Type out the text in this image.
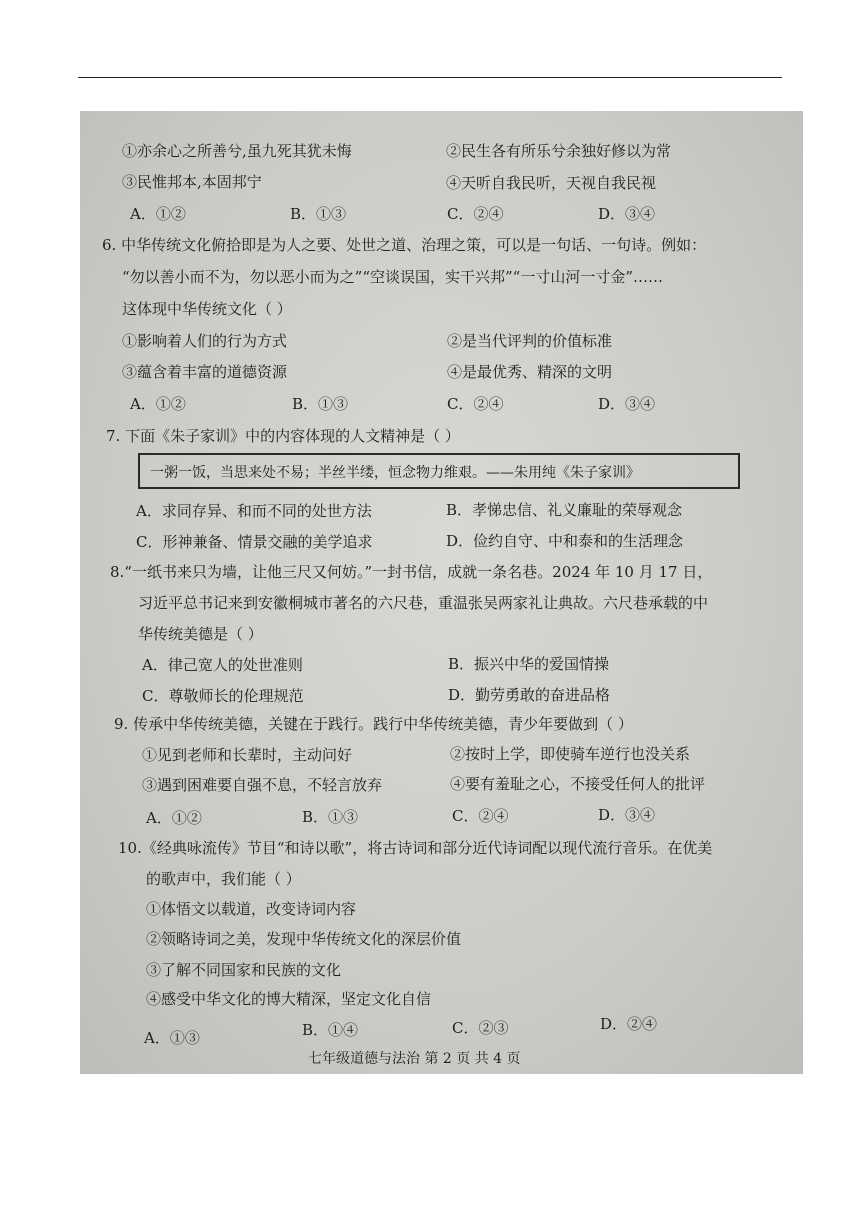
①亦余心之所善兮,虽九死其犹未悔	②民生各有所乐兮余独好修以为常
③民惟邦本,本固邦宁	④天听自我民听，天视自我民视
A．①②	B．①③	C．②④	D．③④
6. 中华传统文化俯拾即是为人之要、处世之道、治理之策，可以是一句话、一句诗。例如：
“勿以善小而不为，勿以恶小而为之”“空谈误国，实干兴邦”“一寸山河一寸金”……
这体现中华传统文化（ ）
①影响着人们的行为方式	②是当代评判的价值标准
③蕴含着丰富的道德资源	④是最优秀、精深的文明
A．①②	B．①③	C．②④	D．③④
7. 下面《朱子家训》中的内容体现的人文精神是（ ）
一粥一饭，当思来处不易；半丝半缕，恒念物力维艰。——朱用纯《朱子家训》
A．求同存异、和而不同的处世方法	B．孝悌忠信、礼义廉耻的荣辱观念
C．形神兼备、情景交融的美学追求	D．俭约自守、中和泰和的生活理念
8.“一纸书来只为墙，让他三尺又何妨。”一封书信，成就一条名巷。2024 年 10 月 17 日，
习近平总书记来到安徽桐城市著名的六尺巷，重温张吴两家礼让典故。六尺巷承载的中
华传统美德是（ ）
A．律己宽人的处世准则	B．振兴中华的爱国情操
C．尊敬师长的伦理规范	D．勤劳勇敢的奋进品格
9. 传承中华传统美德，关键在于践行。践行中华传统美德，青少年要做到（ ）
①见到老师和长辈时，主动问好	②按时上学，即使骑车逆行也没关系
③遇到困难要自强不息，不轻言放弃	④要有羞耻之心，不接受任何人的批评
A．①②	B．①③	C．②④	D．③④
10.《经典咏流传》节目“和诗以歌”，将古诗词和部分近代诗词配以现代流行音乐。在优美
的歌声中，我们能（ ）
①体悟文以载道，改变诗词内容
②领略诗词之美，发现中华传统文化的深层价值
③了解不同国家和民族的文化
④感受中华文化的博大精深，坚定文化自信
A．①③	B．①④	C．②③	D．②④
七年级道德与法治 第 2 页 共 4 页
